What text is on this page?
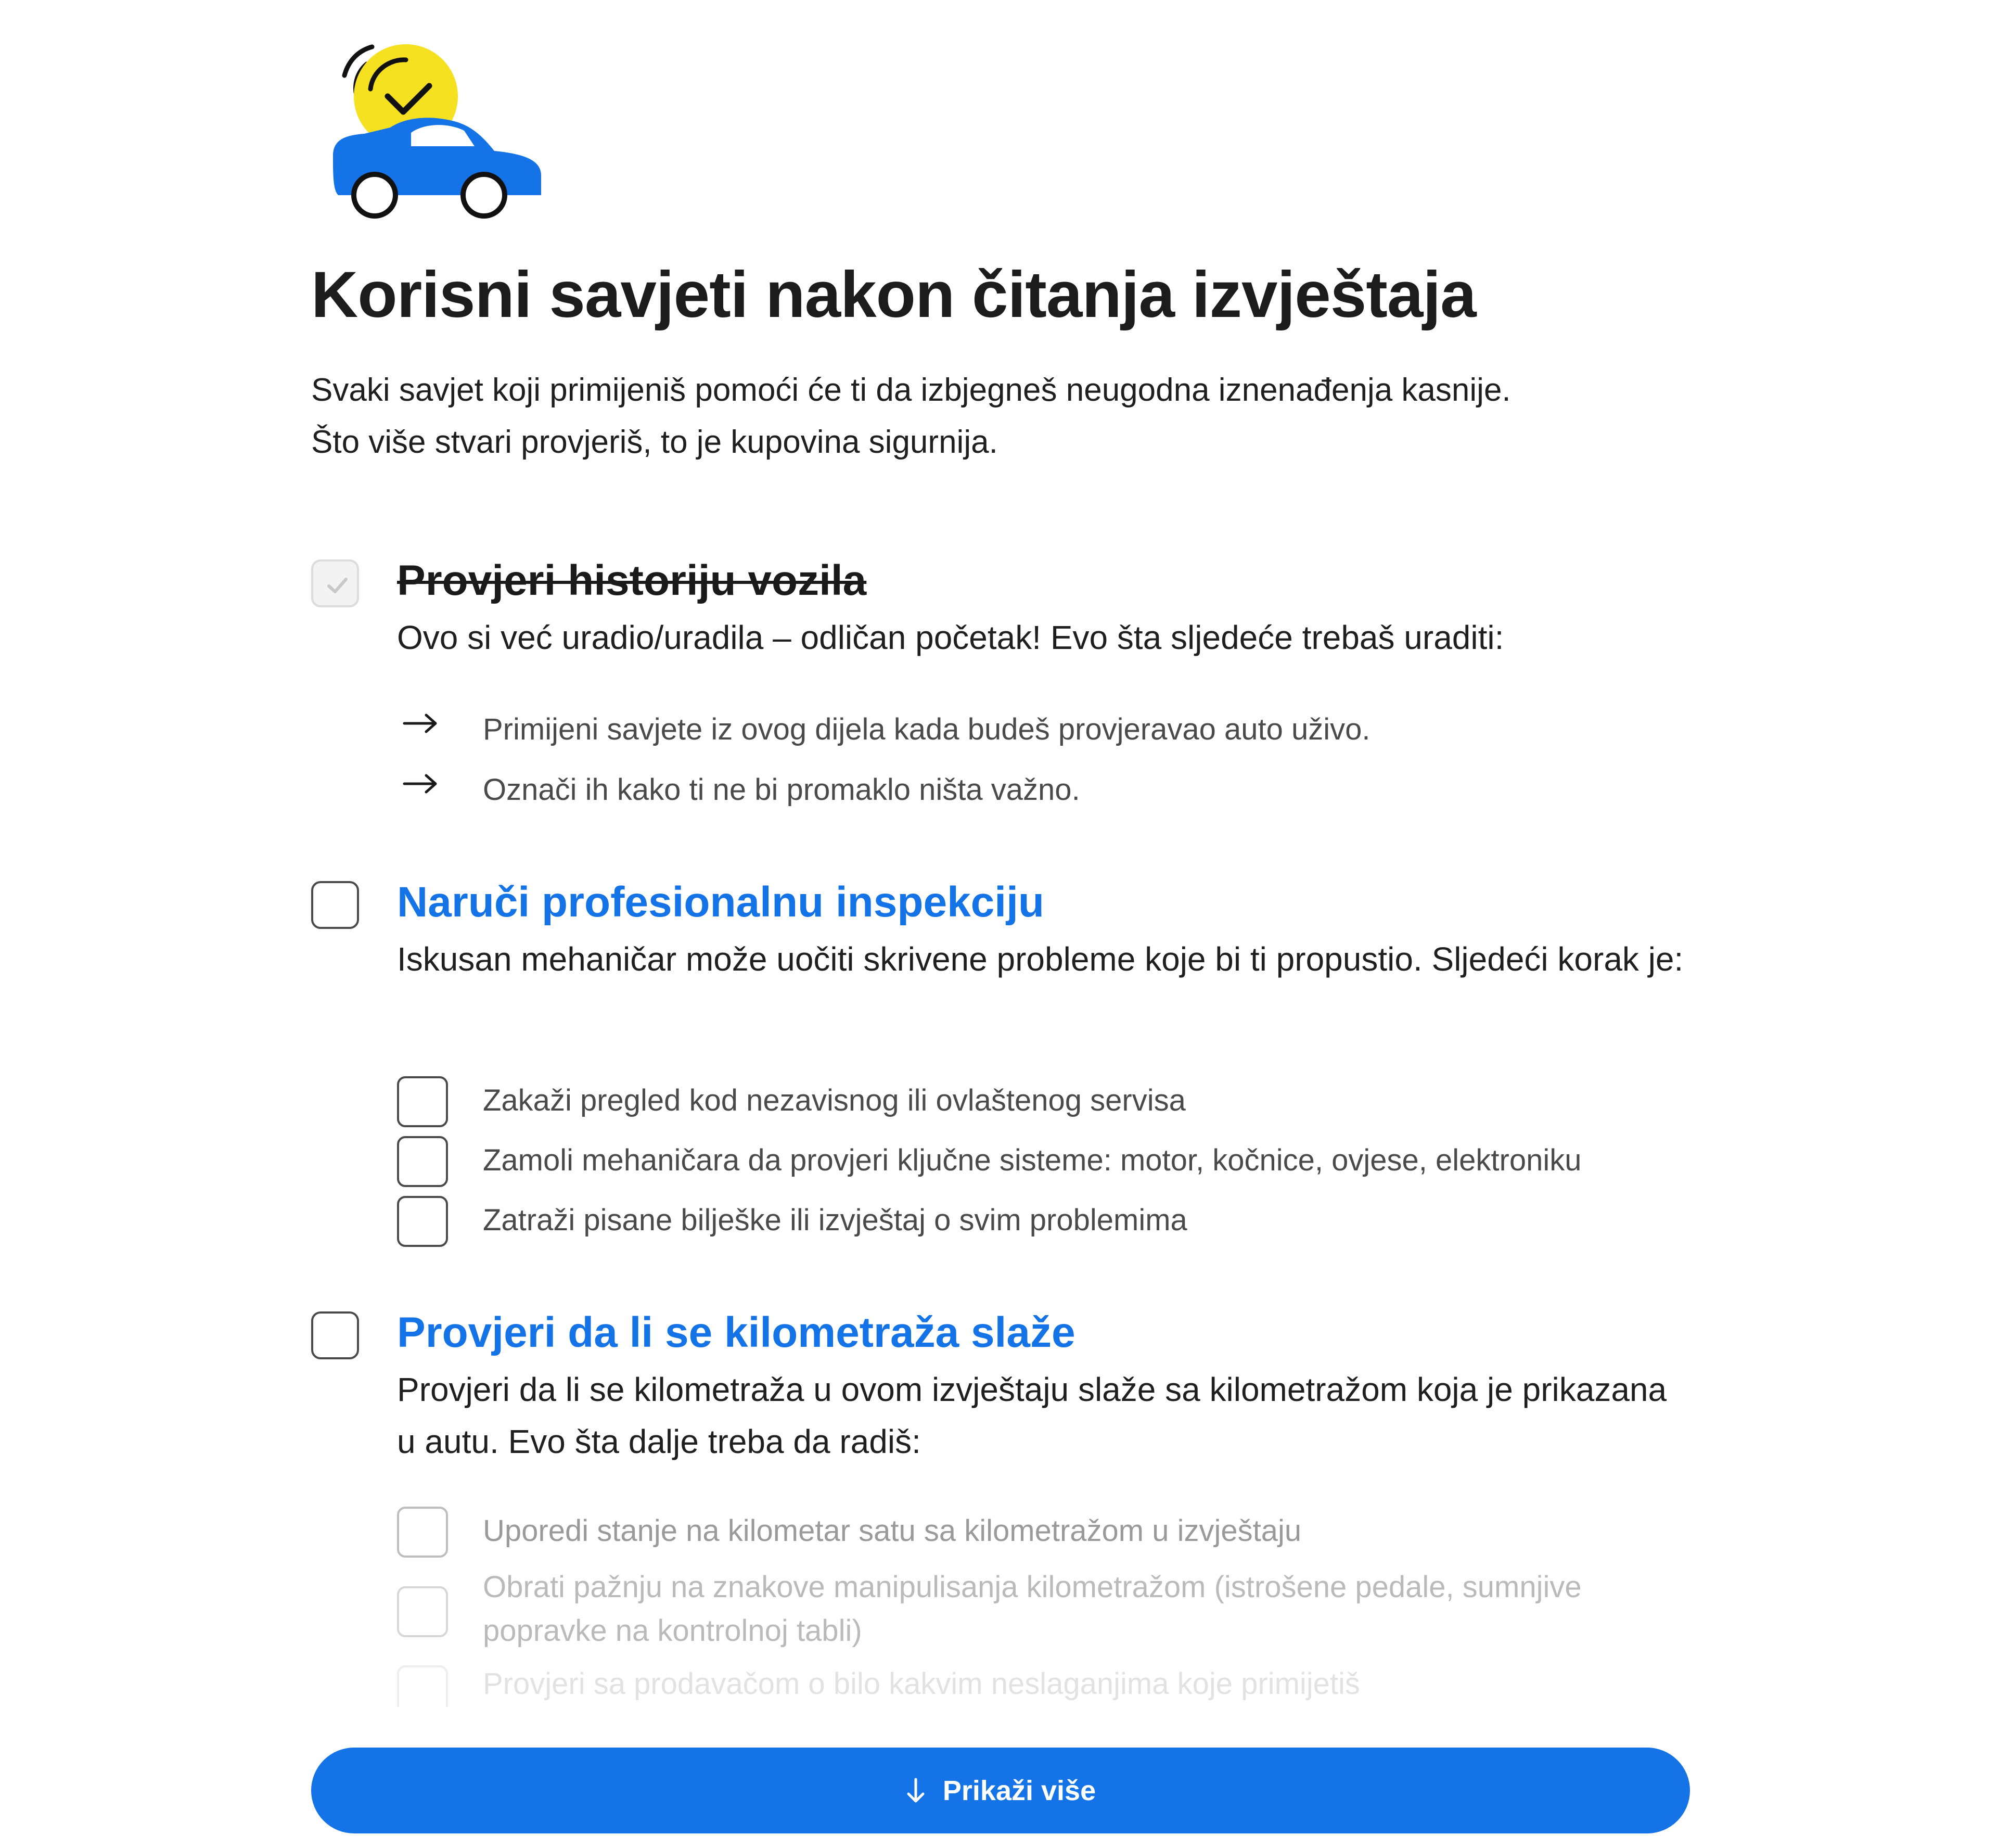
Korisni savjeti nakon čitanja izvještaja

Svaki savjet koji primijeniš pomoći će ti da izbjegneš neugodna iznenađenja kasnije.
Što više stvari provjeriš, to je kupovina sigurnija.

Provjeri historiju vozila

Ovo si već uradio/uradila – odličan početak! Evo šta sljedeće trebaš uraditi:

Primijeni savjete iz ovog dijela kada budeš provjeravao auto uživo.

Označi ih kako ti ne bi promaklo ništa važno.

Naruči profesionalnu inspekciju

Iskusan mehaničar može uočiti skrivene probleme koje bi ti propustio. Sljedeći korak je:

Zakaži pregled kod nezavisnog ili ovlaštenog servisa

Zamoli mehaničara da provjeri ključne sisteme: motor, kočnice, ovjese, elektroniku

Zatraži pisane bilješke ili izvještaj o svim problemima

Provjeri da li se kilometraža slaže

Provjeri da li se kilometraža u ovom izvještaju slaže sa kilometražom koja je prikazana u autu. Evo šta dalje treba da radiš:

Uporedi stanje na kilometar satu sa kilometražom u izvještaju

Obrati pažnju na znakove manipulisanja kilometražom (istrošene pedale, sumnjive popravke na kontrolnoj tabli)

Provjeri sa prodavačom o bilo kakvim neslaganjima koje primijetiš

Prikaži više
